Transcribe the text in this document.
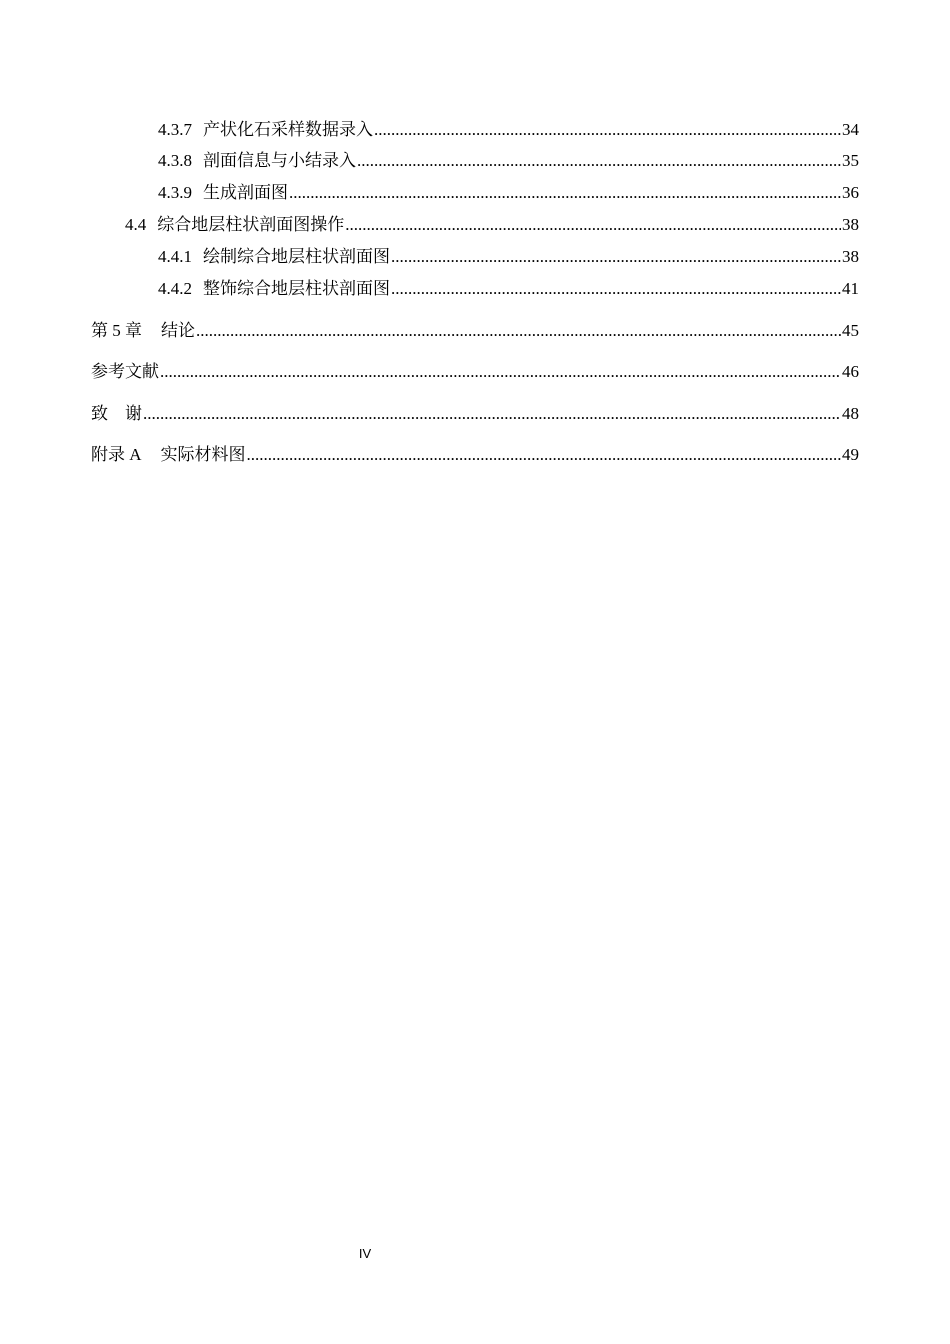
4.3.7 产状化石采样数据录入 .....	34
4.3.8 剖面信息与小结录入 .....	35
4.3.9 生成剖面图 .....	36
4.4 综合地层柱状剖面图操作 .....	38
4.4.1 绘制综合地层柱状剖面图 .....	38
4.4.2 整饰综合地层柱状剖面图 .....	41
第 5 章 结论 .....	45
参考文献 .....	46
致　谢 .....	48
附录 A 实际材料图 .....	49
IV
